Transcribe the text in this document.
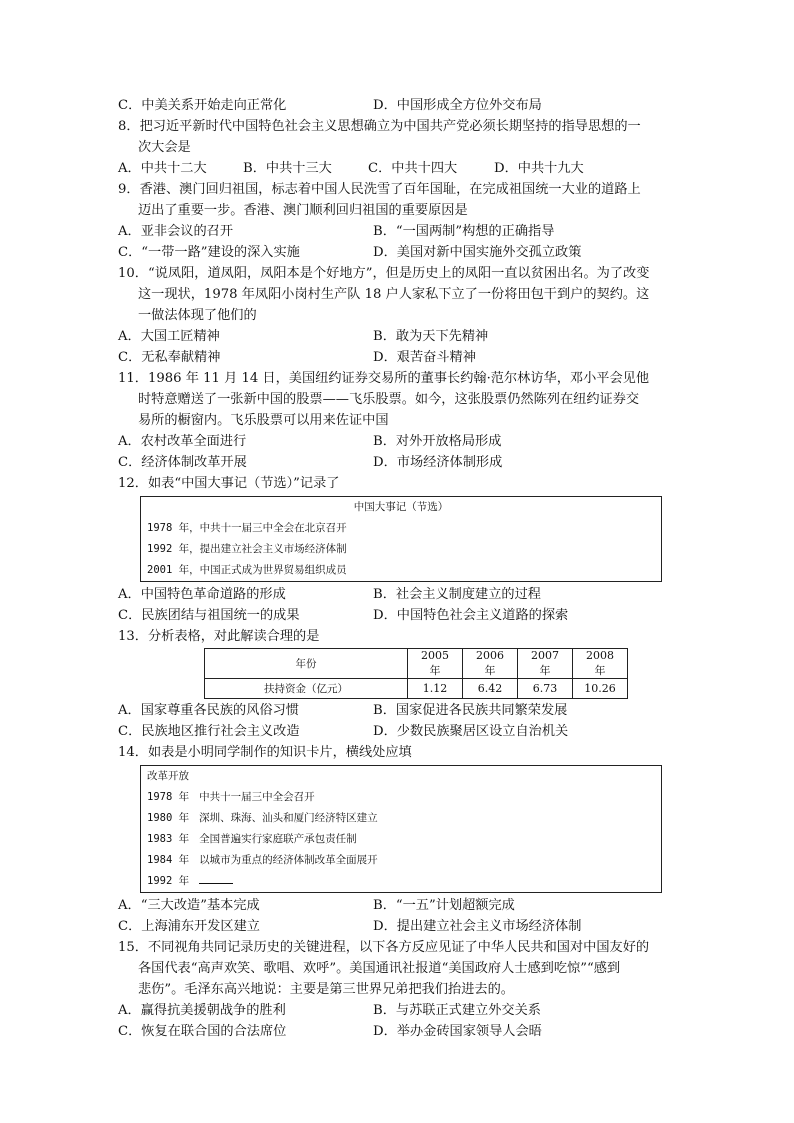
C．中美关系开始走向正常化	D．中国形成全方位外交布局
8．把习近平新时代中国特色社会主义思想确立为中国共产党必须长期坚持的指导思想的一
次大会是
A．中共十二大	B．中共十三大	C．中共十四大	D．中共十九大
9．香港、澳门回归祖国，标志着中国人民洗雪了百年国耻，在完成祖国统一大业的道路上
迈出了重要一步。香港、澳门顺利回归祖国的重要原因是
A．亚非会议的召开	B．“一国两制”构想的正确指导
C．“一带一路”建设的深入实施	D．美国对新中国实施外交孤立政策
10．“说凤阳，道凤阳，凤阳本是个好地方”，但是历史上的凤阳一直以贫困出名。为了改变
这一现状，1978 年凤阳小岗村生产队 18 户人家私下立了一份将田包干到户的契约。这
一做法体现了他们的
A．大国工匠精神	B．敢为天下先精神
C．无私奉献精神	D．艰苦奋斗精神
11．1986 年 11 月 14 日，美国纽约证券交易所的董事长约翰·范尔林访华，邓小平会见他
时特意赠送了一张新中国的股票——飞乐股票。如今，这张股票仍然陈列在纽约证券交
易所的橱窗内。飞乐股票可以用来佐证中国
A．农村改革全面进行	B．对外开放格局形成
C．经济体制改革开展	D．市场经济体制形成
12．如表“中国大事记（节选）”记录了
中国大事记（节选）
1978 年，中共十一届三中全会在北京召开
1992 年，提出建立社会主义市场经济体制
2001 年，中国正式成为世界贸易组织成员
A．中国特色革命道路的形成	B．社会主义制度建立的过程
C．民族团结与祖国统一的成果	D．中国特色社会主义道路的探索
13．分析表格，对此解读合理的是
年份	2005 年	2006 年	2007 年	2008 年
扶持资金（亿元）	1.12	6.42	6.73	10.26
A．国家尊重各民族的风俗习惯	B．国家促进各民族共同繁荣发展
C．民族地区推行社会主义改造	D．少数民族聚居区设立自治机关
14．如表是小明同学制作的知识卡片，横线处应填
改革开放
1978 年 中共十一届三中全会召开
1980 年 深圳、珠海、汕头和厦门经济特区建立
1983 年 全国普遍实行家庭联产承包责任制
1984 年 以城市为重点的经济体制改革全面展开
1992 年
A．“三大改造”基本完成	B．“一五”计划超额完成
C．上海浦东开发区建立	D．提出建立社会主义市场经济体制
15．不同视角共同记录历史的关键进程，以下各方反应见证了中华人民共和国对中国友好的
各国代表“高声欢笑、歌唱、欢呼”。美国通讯社报道“美国政府人士感到吃惊”“感到
悲伤”。毛泽东高兴地说：主要是第三世界兄弟把我们抬进去的。
A．赢得抗美援朝战争的胜利	B．与苏联正式建立外交关系
C．恢复在联合国的合法席位	D．举办金砖国家领导人会晤
